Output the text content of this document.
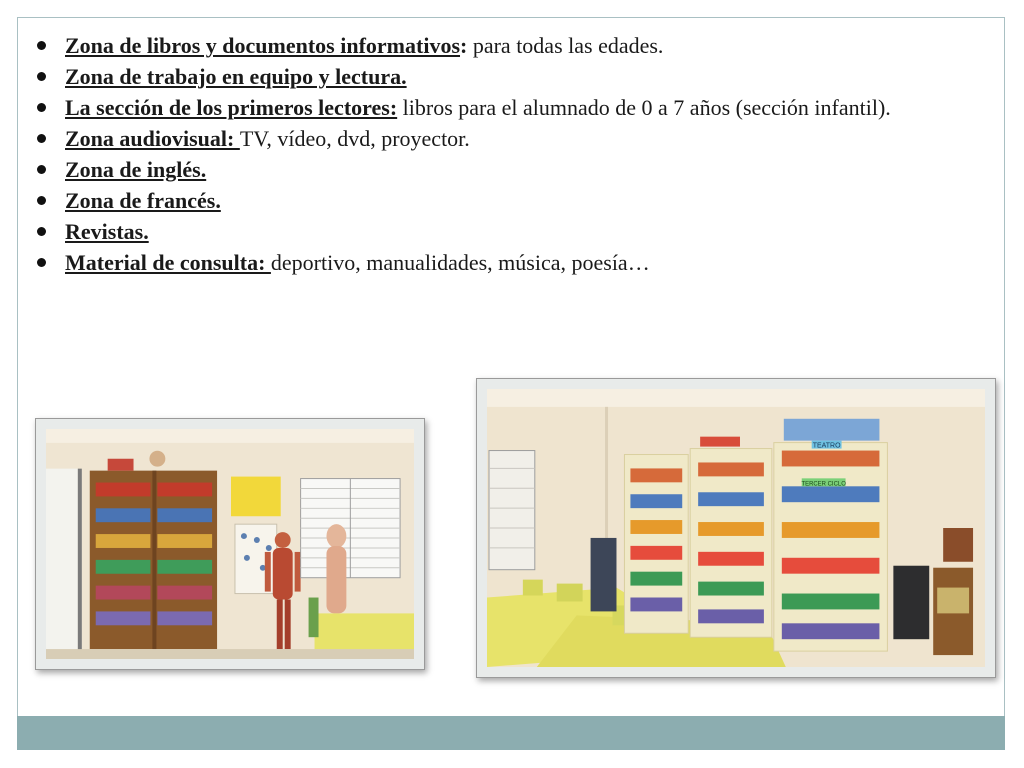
Zona de libros y documentos informativos: para todas las edades.
Zona de trabajo en equipo y lectura.
La sección de los primeros lectores: libros para el alumnado de 0 a 7 años (sección infantil).
Zona audiovisual: TV, vídeo, dvd, proyector.
Zona de inglés.
Zona de francés.
Revistas.
Material de consulta: deportivo, manualidades, música, poesía…
TEATRO
TERCER CICLO
